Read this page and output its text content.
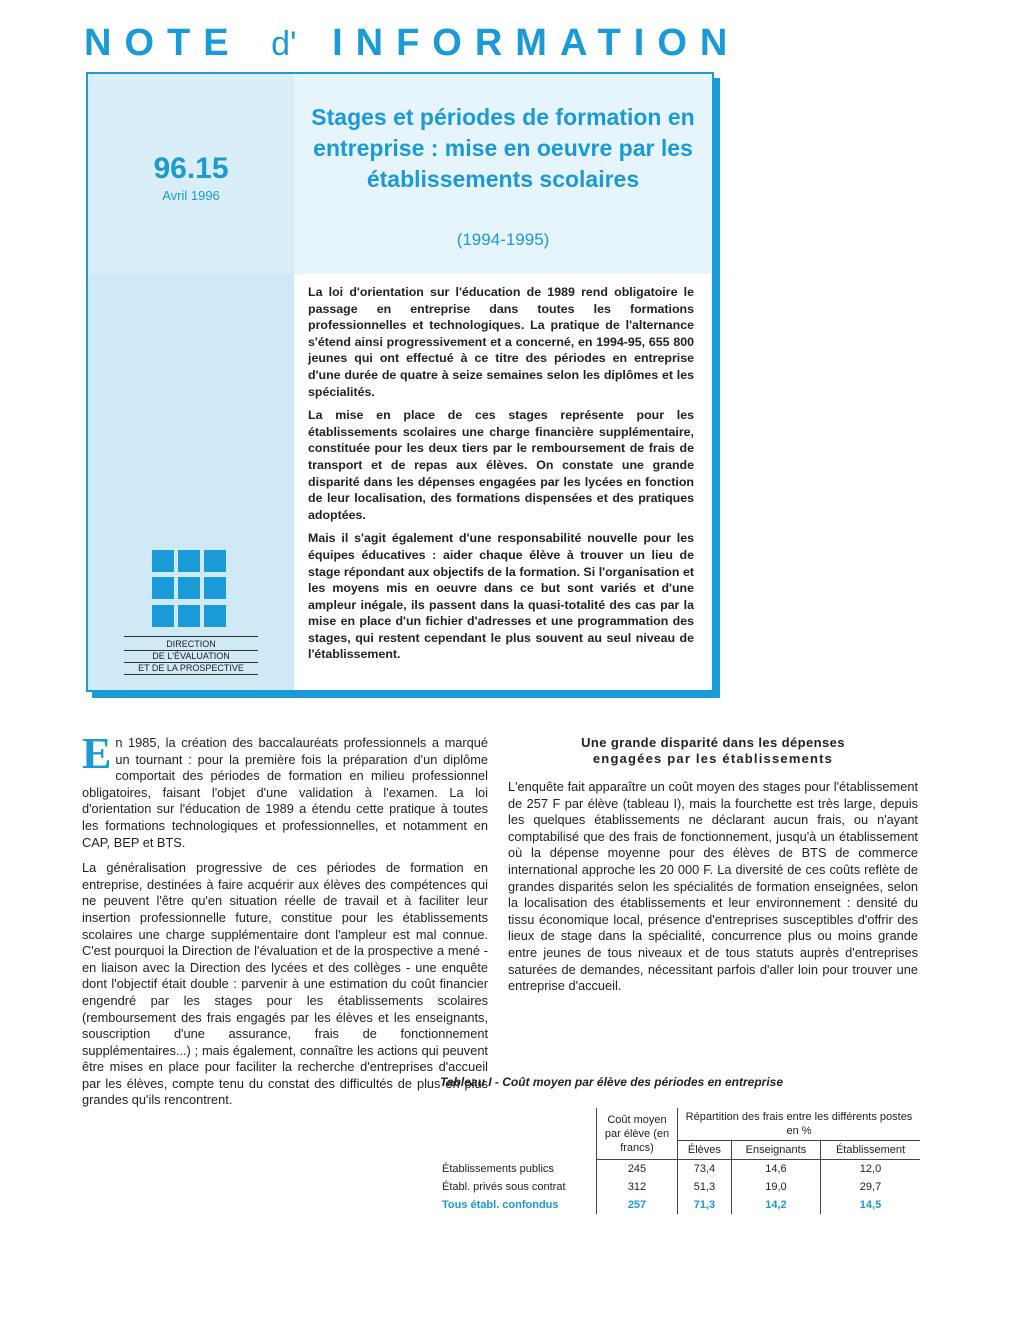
NOTE d' INFORMATION
96.15
Avril 1996
Stages et périodes de formation en entreprise : mise en oeuvre par les établissements scolaires
(1994-1995)

La loi d'orientation sur l'éducation de 1989 rend obligatoire le passage en entreprise dans toutes les formations professionnelles et technologiques. La pratique de l'alternance s'étend ainsi progressivement et a concerné, en 1994-95, 655 800 jeunes qui ont effectué à ce titre des périodes en entreprise d'une durée de quatre à seize semaines selon les diplômes et les spécialités.

La mise en place de ces stages représente pour les établissements scolaires une charge financière supplémentaire, constituée pour les deux tiers par le remboursement de frais de transport et de repas aux élèves. On constate une grande disparité dans les dépenses engagées par les lycées en fonction de leur localisation, des formations dispensées et des pratiques adoptées.

Mais il s'agit également d'une responsabilité nouvelle pour les équipes éducatives : aider chaque élève à trouver un lieu de stage répondant aux objectifs de la formation. Si l'organisation et les moyens mis en oeuvre dans ce but sont variés et d'une ampleur inégale, ils passent dans la quasi-totalité des cas par la mise en place d'un fichier d'adresses et une programmation des stages, qui restent cependant le plus souvent au seul niveau de l'établissement.

DIRECTION
DE L'ÉVALUATION
ET DE LA PROSPECTIVE

En 1985, la création des baccalauréats professionnels a marqué un tournant : pour la première fois la préparation d'un diplôme comportait des périodes de formation en milieu professionnel obligatoires, faisant l'objet d'une validation à l'examen. La loi d'orientation sur l'éducation de 1989 a étendu cette pratique à toutes les formations technologiques et professionnelles, et notamment en CAP, BEP et BTS.

La généralisation progressive de ces périodes de formation en entreprise, destinées à faire acquérir aux élèves des compétences qui ne peuvent l'être qu'en situation réelle de travail et à faciliter leur insertion professionnelle future, constitue pour les établissements scolaires une charge supplémentaire dont l'ampleur est mal connue. C'est pourquoi la Direction de l'évaluation et de la prospective a mené - en liaison avec la Direction des lycées et des collèges - une enquête dont l'objectif était double : parvenir à une estimation du coût financier engendré par les stages pour les établissements scolaires (remboursement des frais engagés par les élèves et les enseignants, souscription d'une assurance, frais de fonctionnement supplémentaires...) ; mais également, connaître les actions qui peuvent être mises en place pour faciliter la recherche d'entreprises d'accueil par les élèves, compte tenu du constat des difficultés de plus en plus grandes qu'ils rencontrent.

Une grande disparité dans les dépenses
engagées par les établissements

L'enquête fait apparaître un coût moyen des stages pour l'établissement de 257 F par élève (tableau I), mais la fourchette est très large, depuis les quelques établissements ne déclarant aucun frais, ou n'ayant comptabilisé que des frais de fonctionnement, jusqu'à un établissement où la dépense moyenne pour des élèves de BTS de commerce international approche les 20 000 F. La diversité de ces coûts reflète de grandes disparités selon les spécialités de formation enseignées, selon la localisation des établissements et leur environnement : densité du tissu économique local, présence d'entreprises susceptibles d'offrir des lieux de stage dans la spécialité, concurrence plus ou moins grande entre jeunes de tous niveaux et de tous statuts auprès d'entreprises saturées de demandes, nécessitant parfois d'aller loin pour trouver une entreprise d'accueil.

Tableau I - Coût moyen par élève des périodes en entreprise
	Coût moyen par élève (en francs)	Répartition des frais entre les différents postes en %		
		Élèves	Enseignants	Établissement
Établissements publics	245	73,4	14,6	12,0
Établ. privés sous contrat	312	51,3	19,0	29,7
Tous établ. confondus	257	71,3	14,2	14,5
